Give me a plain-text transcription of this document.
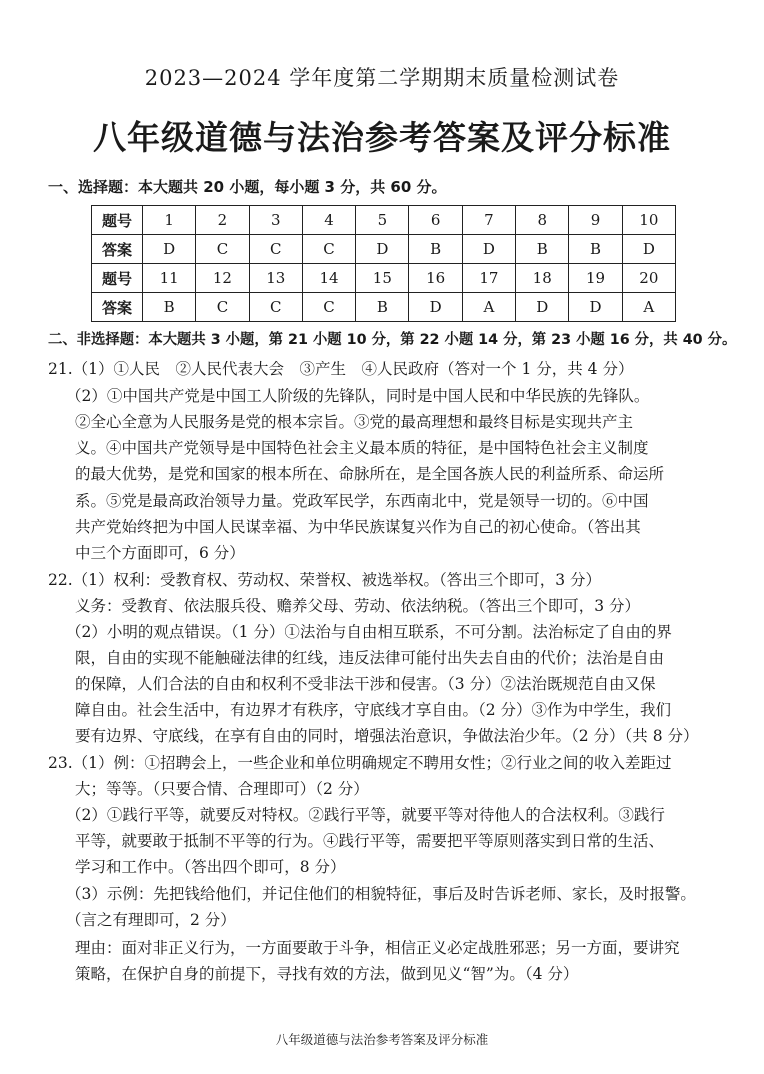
2023—2024 学年度第二学期期末质量检测试卷
八年级道德与法治参考答案及评分标准
一、选择题：本大题共 20 小题，每小题 3 分，共 60 分。
题号	1	2	3	4	5	6	7	8	9	10
答案	D	C	C	C	D	B	D	B	B	D
题号	11	12	13	14	15	16	17	18	19	20
答案	B	C	C	C	B	D	A	D	D	A
二、非选择题：本大题共 3 小题，第 21 小题 10 分，第 22 小题 14 分，第 23 小题 16 分，共 40 分。
21.（1）①人民　②人民代表大会　③产生　④人民政府（答对一个 1 分，共 4 分）
（2）①中国共产党是中国工人阶级的先锋队，同时是中国人民和中华民族的先锋队。
②全心全意为人民服务是党的根本宗旨。③党的最高理想和最终目标是实现共产主
义。④中国共产党领导是中国特色社会主义最本质的特征，是中国特色社会主义制度
的最大优势，是党和国家的根本所在、命脉所在，是全国各族人民的利益所系、命运所
系。⑤党是最高政治领导力量。党政军民学，东西南北中，党是领导一切的。⑥中国
共产党始终把为中国人民谋幸福、为中华民族谋复兴作为自己的初心使命。（答出其
中三个方面即可，6 分）
22.（1）权利：受教育权、劳动权、荣誉权、被选举权。（答出三个即可，3 分）
义务：受教育、依法服兵役、赡养父母、劳动、依法纳税。（答出三个即可，3 分）
（2）小明的观点错误。（1 分）①法治与自由相互联系，不可分割。法治标定了自由的界
限，自由的实现不能触碰法律的红线，违反法律可能付出失去自由的代价；法治是自由
的保障，人们合法的自由和权利不受非法干涉和侵害。（3 分）②法治既规范自由又保
障自由。社会生活中，有边界才有秩序，守底线才享自由。（2 分）③作为中学生，我们
要有边界、守底线，在享有自由的同时，增强法治意识，争做法治少年。（2 分）（共 8 分）
23.（1）例：①招聘会上，一些企业和单位明确规定不聘用女性；②行业之间的收入差距过
大；等等。（只要合情、合理即可）（2 分）
（2）①践行平等，就要反对特权。②践行平等，就要平等对待他人的合法权利。③践行
平等，就要敢于抵制不平等的行为。④践行平等，需要把平等原则落实到日常的生活、
学习和工作中。（答出四个即可，8 分）
（3）示例：先把钱给他们，并记住他们的相貌特征，事后及时告诉老师、家长，及时报警。
（言之有理即可，2 分）
理由：面对非正义行为，一方面要敢于斗争，相信正义必定战胜邪恶；另一方面，要讲究
策略，在保护自身的前提下，寻找有效的方法，做到见义“智”为。（4 分）
八年级道德与法治参考答案及评分标准
